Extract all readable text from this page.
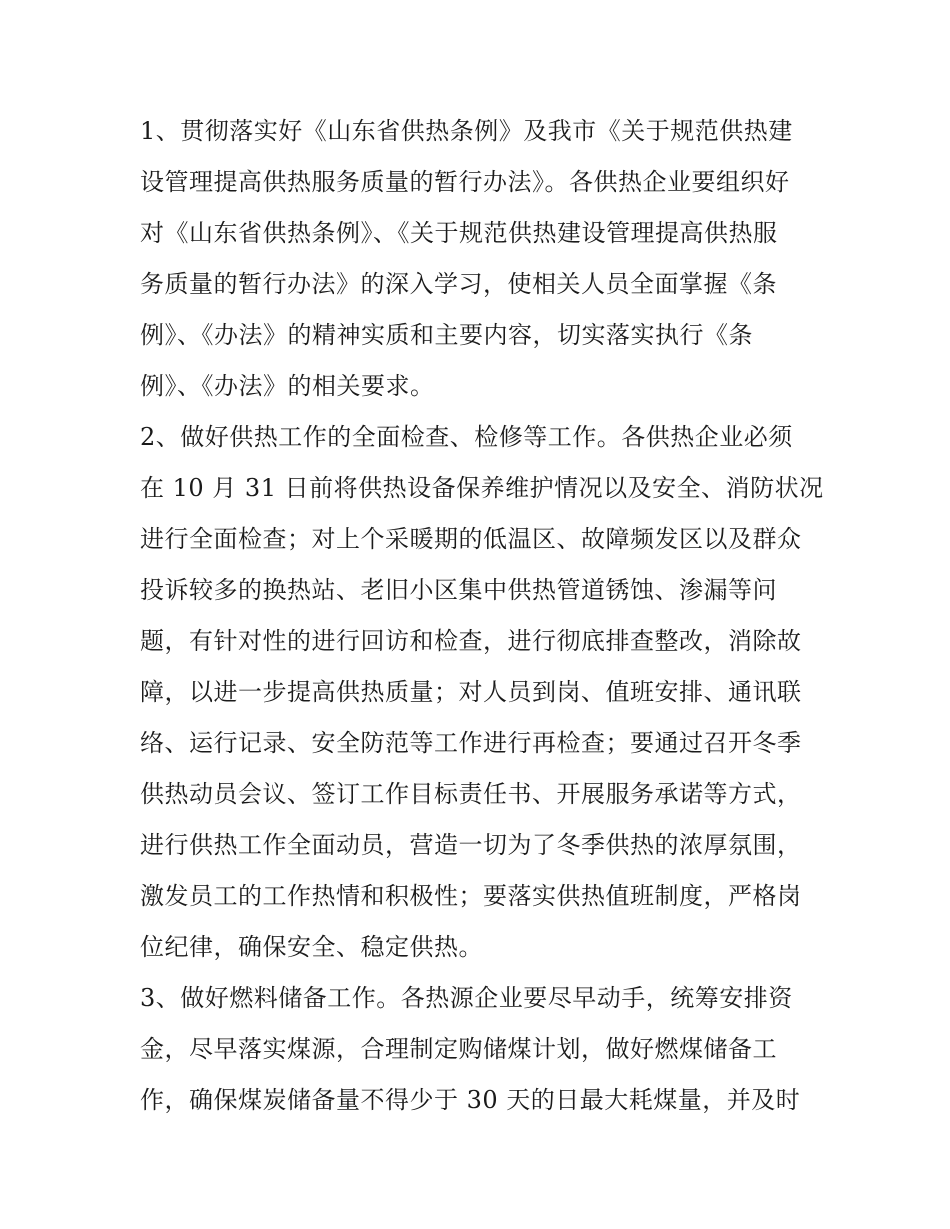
1、贯彻落实好《山东省供热条例》及我市《关于规范供热建
设管理提高供热服务质量的暂行办法》。各供热企业要组织好
对《山东省供热条例》、《关于规范供热建设管理提高供热服
务质量的暂行办法》的深入学习，使相关人员全面掌握《条
例》、《办法》的精神实质和主要内容，切实落实执行《条
例》、《办法》的相关要求。
2、做好供热工作的全面检查、检修等工作。各供热企业必须
在 10 月 31 日前将供热设备保养维护情况以及安全、消防状况
进行全面检查；对上个采暖期的低温区、故障频发区以及群众
投诉较多的换热站、老旧小区集中供热管道锈蚀、渗漏等问
题，有针对性的进行回访和检查，进行彻底排查整改，消除故
障，以进一步提高供热质量；对人员到岗、值班安排、通讯联
络、运行记录、安全防范等工作进行再检查；要通过召开冬季
供热动员会议、签订工作目标责任书、开展服务承诺等方式，
进行供热工作全面动员，营造一切为了冬季供热的浓厚氛围，
激发员工的工作热情和积极性；要落实供热值班制度，严格岗
位纪律，确保安全、稳定供热。
3、做好燃料储备工作。各热源企业要尽早动手，统筹安排资
金，尽早落实煤源，合理制定购储煤计划，做好燃煤储备工
作，确保煤炭储备量不得少于 30 天的日最大耗煤量，并及时
